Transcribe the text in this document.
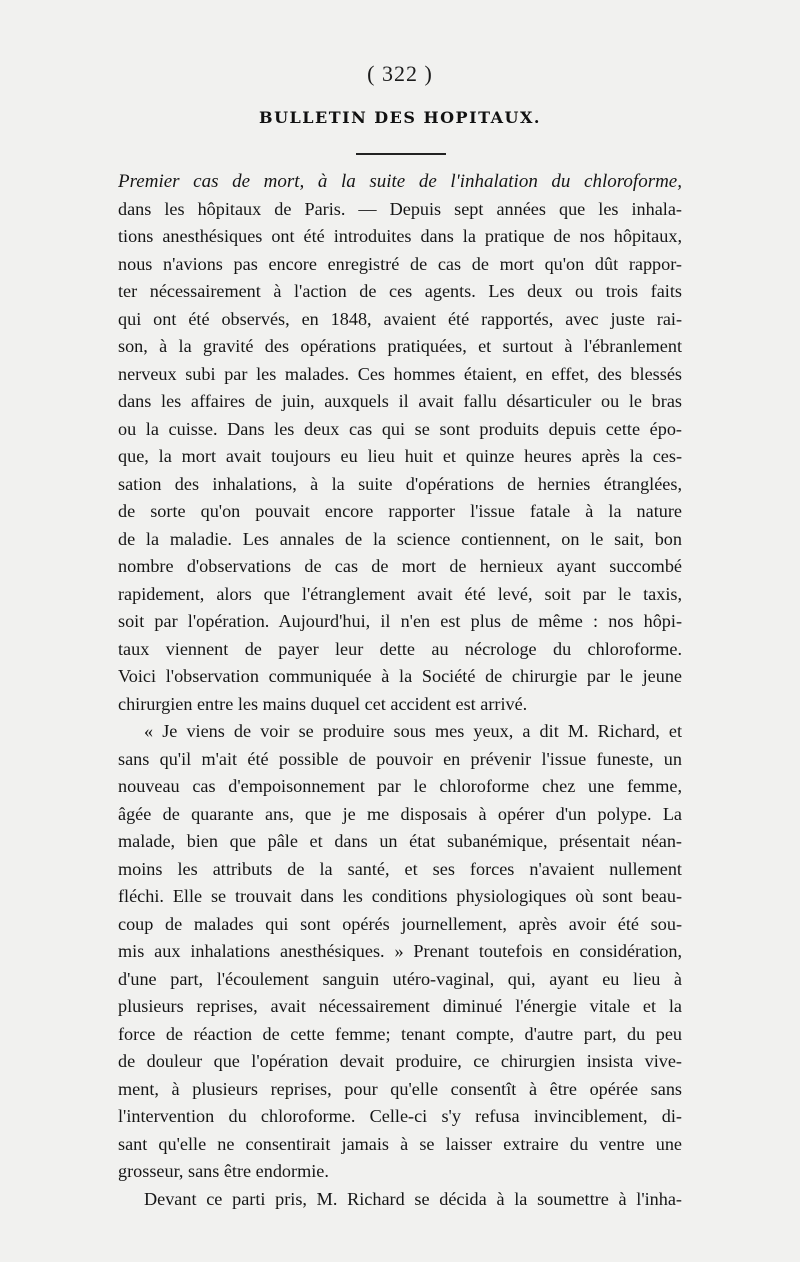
( 322 )
BULLETIN DES HOPITAUX.
Premier cas de mort, à la suite de l'inhalation du chloroforme,
dans les hôpitaux de Paris. — Depuis sept années que les inhala-
tions anesthésiques ont été introduites dans la pratique de nos hôpitaux,
nous n'avions pas encore enregistré de cas de mort qu'on dût rappor-
ter nécessairement à l'action de ces agents. Les deux ou trois faits
qui ont été observés, en 1848, avaient été rapportés, avec juste rai-
son, à la gravité des opérations pratiquées, et surtout à l'ébranlement
nerveux subi par les malades. Ces hommes étaient, en effet, des blessés
dans les affaires de juin, auxquels il avait fallu désarticuler ou le bras
ou la cuisse. Dans les deux cas qui se sont produits depuis cette épo-
que, la mort avait toujours eu lieu huit et quinze heures après la ces-
sation des inhalations, à la suite d'opérations de hernies étranglées,
de sorte qu'on pouvait encore rapporter l'issue fatale à la nature
de la maladie. Les annales de la science contiennent, on le sait, bon
nombre d'observations de cas de mort de hernieux ayant succombé
rapidement, alors que l'étranglement avait été levé, soit par le taxis,
soit par l'opération. Aujourd'hui, il n'en est plus de même : nos hôpi-
taux viennent de payer leur dette au nécrologe du chloroforme.
Voici l'observation communiquée à la Société de chirurgie par le jeune
chirurgien entre les mains duquel cet accident est arrivé.
« Je viens de voir se produire sous mes yeux, a dit M. Richard, et
sans qu'il m'ait été possible de pouvoir en prévenir l'issue funeste, un
nouveau cas d'empoisonnement par le chloroforme chez une femme,
âgée de quarante ans, que je me disposais à opérer d'un polype. La
malade, bien que pâle et dans un état subanémique, présentait néan-
moins les attributs de la santé, et ses forces n'avaient nullement
fléchi. Elle se trouvait dans les conditions physiologiques où sont beau-
coup de malades qui sont opérés journellement, après avoir été sou-
mis aux inhalations anesthésiques. » Prenant toutefois en considération,
d'une part, l'écoulement sanguin utéro-vaginal, qui, ayant eu lieu à
plusieurs reprises, avait nécessairement diminué l'énergie vitale et la
force de réaction de cette femme; tenant compte, d'autre part, du peu
de douleur que l'opération devait produire, ce chirurgien insista vive-
ment, à plusieurs reprises, pour qu'elle consentît à être opérée sans
l'intervention du chloroforme. Celle-ci s'y refusa invinciblement, di-
sant qu'elle ne consentirait jamais à se laisser extraire du ventre une
grosseur, sans être endormie.
Devant ce parti pris, M. Richard se décida à la soumettre à l'inha-
